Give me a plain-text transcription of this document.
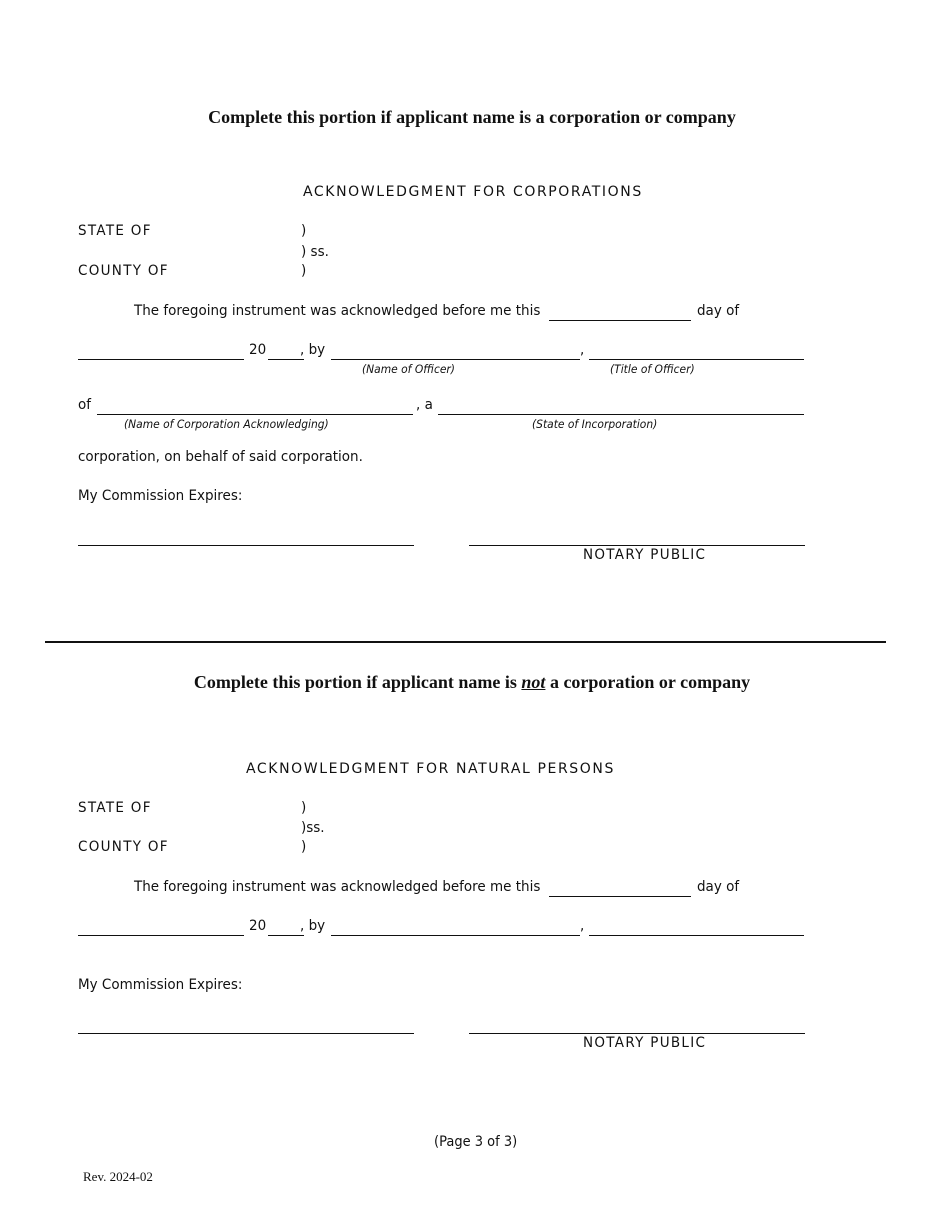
Complete this portion if applicant name is a corporation or company
ACKNOWLEDGMENT FOR CORPORATIONS
STATE OF	)
) ss.
COUNTY OF	)
The foregoing instrument was acknowledged before me this	day of
20 , by	,
(Name of Officer)	(Title of Officer)
of	, a
(Name of Corporation Acknowledging)	(State of Incorporation)
corporation, on behalf of said corporation.
My Commission Expires:
NOTARY PUBLIC
Complete this portion if applicant name is not a corporation or company
ACKNOWLEDGMENT FOR NATURAL PERSONS
STATE OF	)
)ss.
COUNTY OF	)
The foregoing instrument was acknowledged before me this	day of
20 , by	,
My Commission Expires:
NOTARY PUBLIC
(Page 3 of 3)
Rev. 2024-02
